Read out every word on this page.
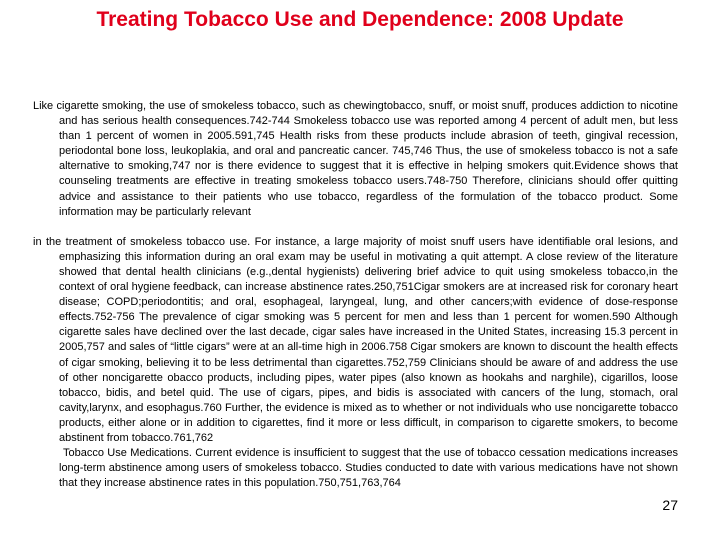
Treating Tobacco Use and Dependence: 2008 Update

Like cigarette smoking, the use of smokeless tobacco, such as chewingtobacco, snuff, or moist snuff, produces addiction to nicotine and has serious health consequences.742-744 Smokeless tobacco use was reported among 4 percent of adult men, but less than 1 percent of women in 2005.591,745 Health risks from these products include abrasion of teeth, gingival recession, periodontal bone loss, leukoplakia, and oral and pancreatic cancer. 745,746 Thus, the use of smokeless tobacco is not a safe alternative to smoking,747 nor is there evidence to suggest that it is effective in helping smokers quit.Evidence shows that counseling treatments are effective in treating smokeless tobacco users.748-750 Therefore, clinicians should offer quitting advice and assistance to their patients who use tobacco, regardless of the formulation of the tobacco product. Some information may be particularly relevant

in the treatment of smokeless tobacco use. For instance, a large majority of moist snuff users have identifiable oral lesions, and emphasizing this information during an oral exam may be useful in motivating a quit attempt. A close review of the literature showed that dental health clinicians (e.g.,dental hygienists) delivering brief advice to quit using smokeless tobacco,in the context of oral hygiene feedback, can increase abstinence rates.250,751Cigar smokers are at increased risk for coronary heart disease; COPD;periodontitis; and oral, esophageal, laryngeal, lung, and other cancers;with evidence of dose-response effects.752-756 The prevalence of cigar smoking was 5 percent for men and less than 1 percent for women.590 Although cigarette sales have declined over the last decade, cigar sales have increased in the United States, increasing 15.3 percent in 2005,757 and sales of “little cigars” were at an all-time high in 2006.758 Cigar smokers are known to discount the health effects of cigar smoking, believing it to be less detrimental than cigarettes.752,759 Clinicians should be aware of and address the use of other noncigarette obacco products, including pipes, water pipes (also known as hookahs and narghile), cigarillos, loose tobacco, bidis, and betel quid. The use of cigars, pipes, and bidis is associated with cancers of the lung, stomach, oral cavity,larynx, and esophagus.760 Further, the evidence is mixed as to whether or not individuals who use noncigarette tobacco products, either alone or in addition to cigarettes, find it more or less difficult, in comparison to cigarette smokers, to become abstinent from tobacco.761,762

Tobacco Use Medications. Current evidence is insufficient to suggest that the use of tobacco cessation medications increases long-term abstinence among users of smokeless tobacco. Studies conducted to date with various medications have not shown that they increase abstinence rates in this population.750,751,763,764

27
